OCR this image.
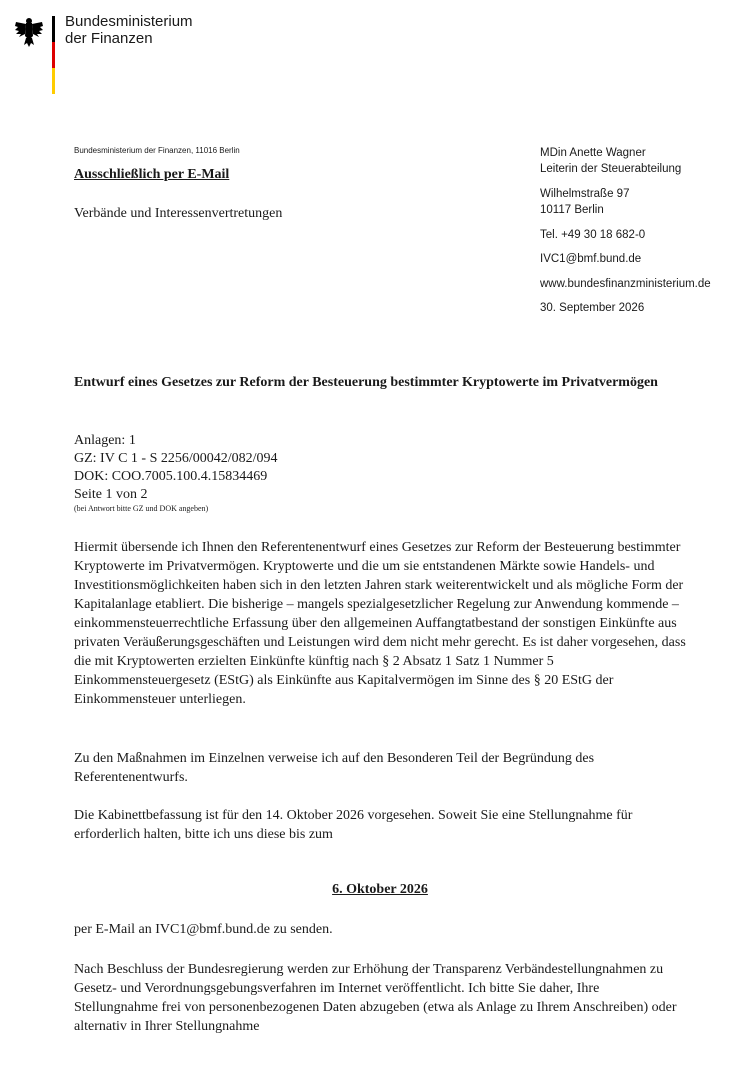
Bundesministerium
der Finanzen
Bundesministerium der Finanzen, 11016 Berlin
Ausschließlich per E-Mail
Verbände und Interessenvertretungen
MDin Anette Wagner
Leiterin der Steuerabteilung
Wilhelmstraße 97
10117 Berlin
Tel. +49 30 18 682-0
IVC1@bmf.bund.de
www.bundesfinanzministerium.de
30. September 2026
Entwurf eines Gesetzes zur Reform der Besteuerung bestimmter Kryptowerte im Privatvermögen
Anlagen: 1
GZ: IV C 1 - S 2256/00042/082/094
DOK: COO.7005.100.4.15834469
Seite 1 von 2
(bei Antwort bitte GZ und DOK angeben)
Hiermit übersende ich Ihnen den Referentenentwurf eines Gesetzes zur Reform der Besteuerung bestimmter Kryptowerte im Privatvermögen. Kryptowerte und die um sie entstandenen Märkte sowie Handels- und Investitionsmöglichkeiten haben sich in den letzten Jahren stark weiterentwickelt und als mögliche Form der Kapitalanlage etabliert. Die bisherige – mangels spezialgesetzlicher Regelung zur Anwendung kommende – einkommensteuerrechtliche Erfassung über den allgemeinen Auffangtatbestand der sonstigen Einkünfte aus privaten Veräußerungsgeschäften und Leistungen wird dem nicht mehr gerecht. Es ist daher vorgesehen, dass die mit Kryptowerten erzielten Einkünfte künftig nach § 2 Absatz 1 Satz 1 Nummer 5 Einkommensteuergesetz (EStG) als Einkünfte aus Kapitalvermögen im Sinne des § 20 EStG der Einkommensteuer unterliegen.
Zu den Maßnahmen im Einzelnen verweise ich auf den Besonderen Teil der Begründung des Referentenentwurfs.
Die Kabinettbefassung ist für den 14. Oktober 2026 vorgesehen. Soweit Sie eine Stellungnahme für erforderlich halten, bitte ich uns diese bis zum
6. Oktober 2026
per E-Mail an IVC1@bmf.bund.de zu senden.
Nach Beschluss der Bundesregierung werden zur Erhöhung der Transparenz Verbändestellungnahmen zu Gesetz- und Verordnungsgebungsverfahren im Internet veröffentlicht. Ich bitte Sie daher, Ihre Stellungnahme frei von personenbezogenen Daten abzugeben (etwa als Anlage zu Ihrem Anschreiben) oder alternativ in Ihrer Stellungnahme
